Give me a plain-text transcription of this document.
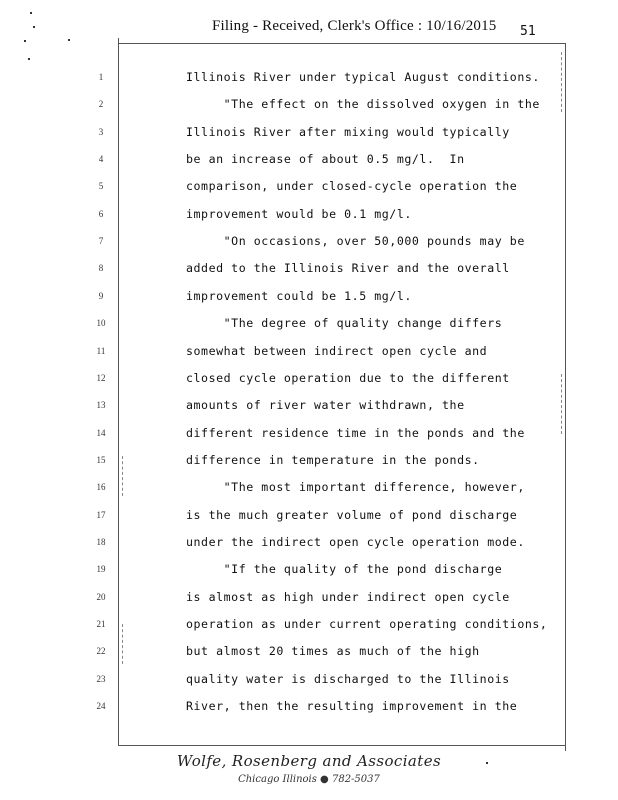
Filing - Received, Clerk's Office : 10/16/2015 51
1	Illinois River under typical August conditions.
2	"The effect on the dissolved oxygen in the
3	Illinois River after mixing would typically
4	be an increase of about 0.5 mg/l.  In
5	comparison, under closed-cycle operation the
6	improvement would be 0.1 mg/l.
7	"On occasions, over 50,000 pounds may be
8	added to the Illinois River and the overall
9	improvement could be 1.5 mg/l.
10	"The degree of quality change differs
11	somewhat between indirect open cycle and
12	closed cycle operation due to the different
13	amounts of river water withdrawn, the
14	different residence time in the ponds and the
15	difference in temperature in the ponds.
16	"The most important difference, however,
17	is the much greater volume of pond discharge
18	under the indirect open cycle operation mode.
19	"If the quality of the pond discharge
20	is almost as high under indirect open cycle
21	operation as under current operating conditions,
22	but almost 20 times as much of the high
23	quality water is discharged to the Illinois
24	River, then the resulting improvement in the
Wolfe, Rosenberg and Associates
Chicago Illinois ● 782-5037
